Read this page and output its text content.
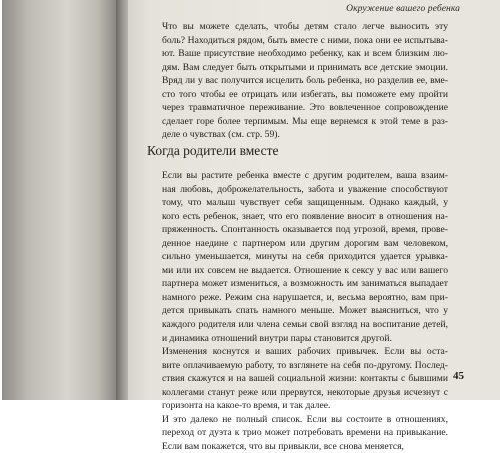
Окружение вашего ребенка

Что вы можете сделать, чтобы детям стало легче выносить эту
боль? Находиться рядом, быть вместе с ними, пока они ее испытыва-
ют. Ваше присутствие необходимо ребенку, как и всем близким лю-
дям. Вам следует быть открытыми и принимать все детские эмоции.
Вряд ли у вас получится исцелить боль ребенка, но разделив ее, вме-
сто того чтобы ее отрицать или избегать, вы поможете ему пройти
через травматичное переживание. Это вовлеченное сопровождение
сделает горе более терпимым. Мы еще вернемся к этой теме в раз-
деле о чувствах (см. стр. 59).

Когда родители вместе

Если вы растите ребенка вместе с другим родителем, ваша взаим-
ная любовь, доброжелательность, забота и уважение способствуют
тому, что малыш чувствует себя защищенным. Однако каждый, у
кого есть ребенок, знает, что его появление вносит в отношения на-
пряженность. Спонтанность оказывается под угрозой, время, прове-
денное наедине с партнером или другим дорогим вам человеком,
сильно уменьшается, минуты на себя приходится удается урывка-
ми или их совсем не выдается. Отношение к сексу у вас или вашего
партнера может измениться, а возможность им заниматься выпадает
намного реже. Режим сна нарушается, и, весьма вероятно, вам при-
дется привыкать спать намного меньше. Может выясниться, что у
каждого родителя или члена семьи свой взгляд на воспитание детей,
и динамика отношений внутри пары становится другой.

Изменения коснутся и ваших рабочих привычек. Если вы оста-
вите оплачиваемую работу, то взглянете на себя по-другому. Послед-
ствия скажутся и на вашей социальной жизни: контакты с бывшими
коллегами станут реже или прервутся, некоторые друзья исчезнут с
горизонта на какое-то время, и так далее.

И это далеко не полный список. Если вы состоите в отношениях,
переход от дуэта к трио может потребовать времени на привыкание.
Если вам покажется, что вы привыкли, все снова меняется,

45
